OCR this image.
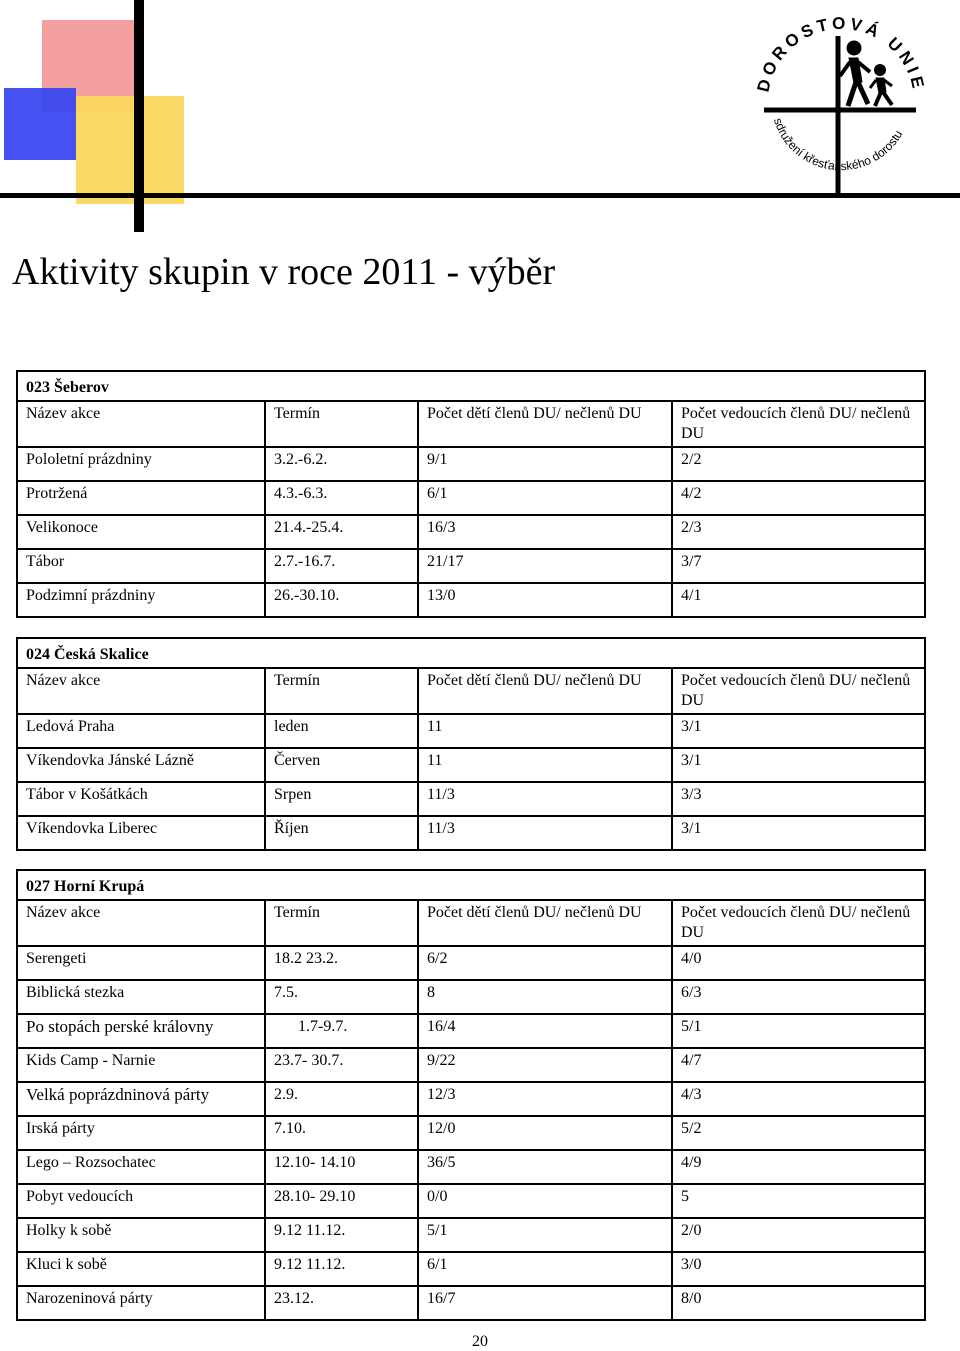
DOROSTOVÁ UNIE
sdružení křesťanského dorostu
Aktivity skupin v roce 2011 - výběr
023 Šeberov			
Název akce	Termín	Počet dětí členů DU/ nečlenů DU	Počet vedoucích členů DU/ nečlenů DU
Pololetní prázdniny	3.2.-6.2.	9/1	2/2
Protržená	4.3.-6.3.	6/1	4/2
Velikonoce	21.4.-25.4.	16/3	2/3
Tábor	2.7.-16.7.	21/17	3/7
Podzimní prázdniny	26.-30.10.	13/0	4/1
024 Česká Skalice			
Název akce	Termín	Počet dětí členů DU/ nečlenů DU	Počet vedoucích členů DU/ nečlenů DU
Ledová Praha	leden	11	3/1
Víkendovka Jánské Lázně	Červen	11	3/1
Tábor v Košátkách	Srpen	11/3	3/3
Víkendovka Liberec	Říjen	11/3	3/1
027 Horní Krupá			
Název akce	Termín	Počet dětí členů DU/ nečlenů DU	Počet vedoucích členů DU/ nečlenů DU
Serengeti	18.2 23.2.	6/2	4/0
Biblická stezka	7.5.	8	6/3
Po stopách perské královny	1.7-9.7.	16/4	5/1
Kids Camp - Narnie	23.7- 30.7.	9/22	4/7
Velká poprázdninová párty	2.9.	12/3	4/3
Irská párty	7.10.	12/0	5/2
Lego – Rozsochatec	12.10- 14.10	36/5	4/9
Pobyt vedoucích	28.10- 29.10	0/0	5
Holky k sobě	9.12 11.12.	5/1	2/0
Kluci k sobě	9.12 11.12.	6/1	3/0
Narozeninová párty	23.12.	16/7	8/0
20
